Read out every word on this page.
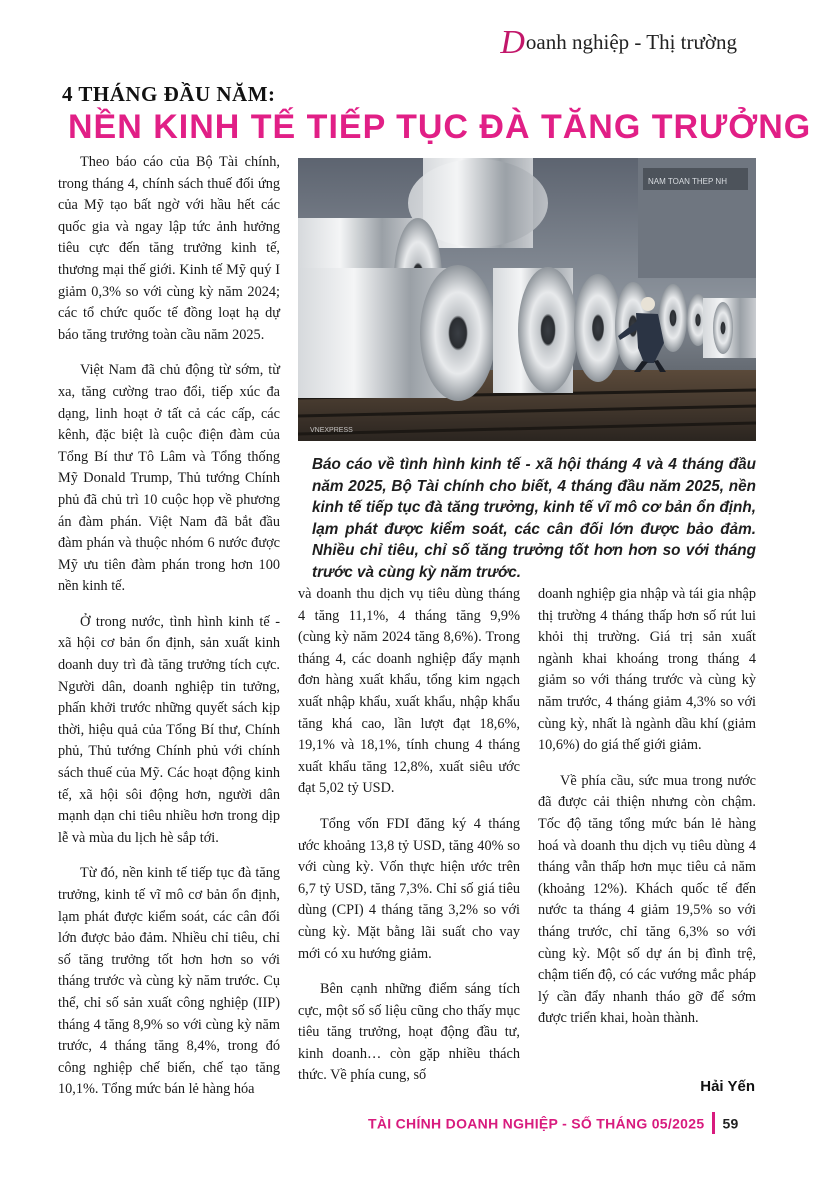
Doanh nghiệp - Thị trường
4 THÁNG ĐẦU NĂM:
NỀN KINH TẾ TIẾP TỤC ĐÀ TĂNG TRƯỞNG

Theo báo cáo của Bộ Tài chính, trong tháng 4, chính sách thuế đối ứng của Mỹ tạo bất ngờ với hầu hết các quốc gia và ngay lập tức ảnh hưởng tiêu cực đến tăng trưởng kinh tế, thương mại thế giới. Kinh tế Mỹ quý I giảm 0,3% so với cùng kỳ năm 2024; các tổ chức quốc tế đồng loạt hạ dự báo tăng trưởng toàn cầu năm 2025.

Việt Nam đã chủ động từ sớm, từ xa, tăng cường trao đổi, tiếp xúc đa dạng, linh hoạt ở tất cả các cấp, các kênh, đặc biệt là cuộc điện đàm của Tổng Bí thư Tô Lâm và Tổng thống Mỹ Donald Trump, Thủ tướng Chính phủ đã chủ trì 10 cuộc họp về phương án đàm phán. Việt Nam đã bắt đầu đàm phán và thuộc nhóm 6 nước được Mỹ ưu tiên đàm phán trong hơn 100 nền kinh tế.

Ở trong nước, tình hình kinh tế - xã hội cơ bản ổn định, sản xuất kinh doanh duy trì đà tăng trưởng tích cực. Người dân, doanh nghiệp tin tưởng, phấn khởi trước những quyết sách kịp thời, hiệu quả của Tổng Bí thư, Chính phủ, Thủ tướng Chính phủ với chính sách thuế của Mỹ. Các hoạt động kinh tế, xã hội sôi động hơn, người dân mạnh dạn chi tiêu nhiều hơn trong dịp lễ và mùa du lịch hè sắp tới.

Từ đó, nền kinh tế tiếp tục đà tăng trưởng, kinh tế vĩ mô cơ bản ổn định, lạm phát được kiểm soát, các cân đối lớn được bảo đảm. Nhiều chỉ tiêu, chỉ số tăng trưởng tốt hơn hơn so với tháng trước và cùng kỳ năm trước. Cụ thể, chỉ số sản xuất công nghiệp (IIP) tháng 4 tăng 8,9% so với cùng kỳ năm trước, 4 tháng tăng 8,4%, trong đó công nghiệp chế biến, chế tạo tăng 10,1%. Tổng mức bán lẻ hàng hóa

NAM TOAN THEP NH
VNEXPRESS
Báo cáo về tình hình kinh tế - xã hội tháng 4 và 4 tháng đầu năm 2025, Bộ Tài chính cho biết, 4 tháng đầu năm 2025, nền kinh tế tiếp tục đà tăng trưởng, kinh tế vĩ mô cơ bản ổn định, lạm phát được kiểm soát, các cân đối lớn được bảo đảm. Nhiều chỉ tiêu, chỉ số tăng trưởng tốt hơn hơn so với tháng trước và cùng kỳ năm trước.

và doanh thu dịch vụ tiêu dùng tháng 4 tăng 11,1%, 4 tháng tăng 9,9% (cùng kỳ năm 2024 tăng 8,6%). Trong tháng 4, các doanh nghiệp đẩy mạnh đơn hàng xuất khẩu, tổng kim ngạch xuất nhập khẩu, xuất khẩu, nhập khẩu tăng khá cao, lần lượt đạt 18,6%, 19,1% và 18,1%, tính chung 4 tháng xuất khẩu tăng 12,8%, xuất siêu ước đạt 5,02 tỷ USD.

Tổng vốn FDI đăng ký 4 tháng ước khoảng 13,8 tỷ USD, tăng 40% so với cùng kỳ. Vốn thực hiện ước trên 6,7 tỷ USD, tăng 7,3%. Chỉ số giá tiêu dùng (CPI) 4 tháng tăng 3,2% so với cùng kỳ. Mặt bằng lãi suất cho vay mới có xu hướng giảm.

Bên cạnh những điểm sáng tích cực, một số số liệu cũng cho thấy mục tiêu tăng trưởng, hoạt động đầu tư, kinh doanh… còn gặp nhiều thách thức. Về phía cung, số

doanh nghiệp gia nhập và tái gia nhập thị trường 4 tháng thấp hơn số rút lui khỏi thị trường. Giá trị sản xuất ngành khai khoáng trong tháng 4 giảm so với tháng trước và cùng kỳ năm trước, 4 tháng giảm 4,3% so với cùng kỳ, nhất là ngành dầu khí (giảm 10,6%) do giá thế giới giảm.

Về phía cầu, sức mua trong nước đã được cải thiện nhưng còn chậm. Tốc độ tăng tổng mức bán lẻ hàng hoá và doanh thu dịch vụ tiêu dùng 4 tháng vẫn thấp hơn mục tiêu cả năm (khoảng 12%). Khách quốc tế đến nước ta tháng 4 giảm 19,5% so với tháng trước, chỉ tăng 6,3% so với cùng kỳ. Một số dự án bị đình trệ, chậm tiến độ, có các vướng mắc pháp lý cần đẩy nhanh tháo gỡ để sớm được triển khai, hoàn thành.

Hải Yến
TÀI CHÍNH DOANH NGHIỆP - SỐ THÁNG 05/2025 59
